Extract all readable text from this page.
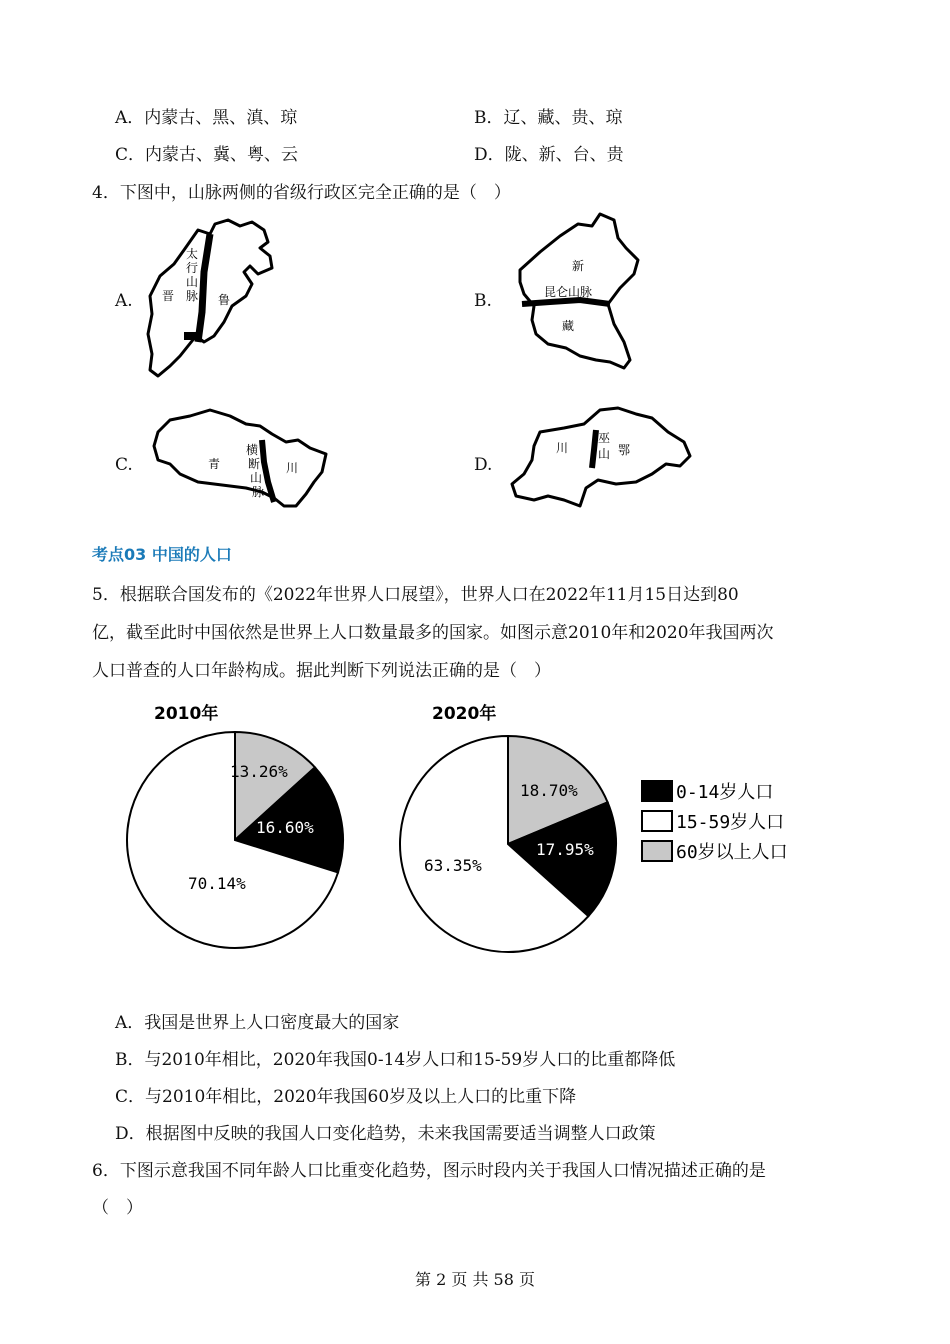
A．内蒙古、黑、滇、琼	B．辽、藏、贵、琼
C．内蒙古、冀、粤、云	D．陇、新、台、贵
4．下图中，山脉两侧的省级行政区完全正确的是（　）
A.	B.
C.	D.
晋	鲁
太
行
山
脉
新
昆仑山脉
藏
青	川
横
断
山
脉
川	鄂
巫
山
考点03 中国的人口
5．根据联合国发布的《2022年世界人口展望》，世界人口在2022年11月15日达到80
亿，截至此时中国依然是世界上人口数量最多的国家。如图示意2010年和2020年我国两次
人口普查的人口年龄构成。据此判断下列说法正确的是（　）
2010年	2020年
13.26%
16.60%
70.14%
18.70%
17.95%
63.35%
0-14岁人口
15-59岁人口
60岁以上人口
A．我国是世界上人口密度最大的国家
B．与2010年相比，2020年我国0-14岁人口和15-59岁人口的比重都降低
C．与2010年相比，2020年我国60岁及以上人口的比重下降
D．根据图中反映的我国人口变化趋势，未来我国需要适当调整人口政策
6．下图示意我国不同年龄人口比重变化趋势，图示时段内关于我国人口情况描述正确的是
（　）
第 2 页 共 58 页
